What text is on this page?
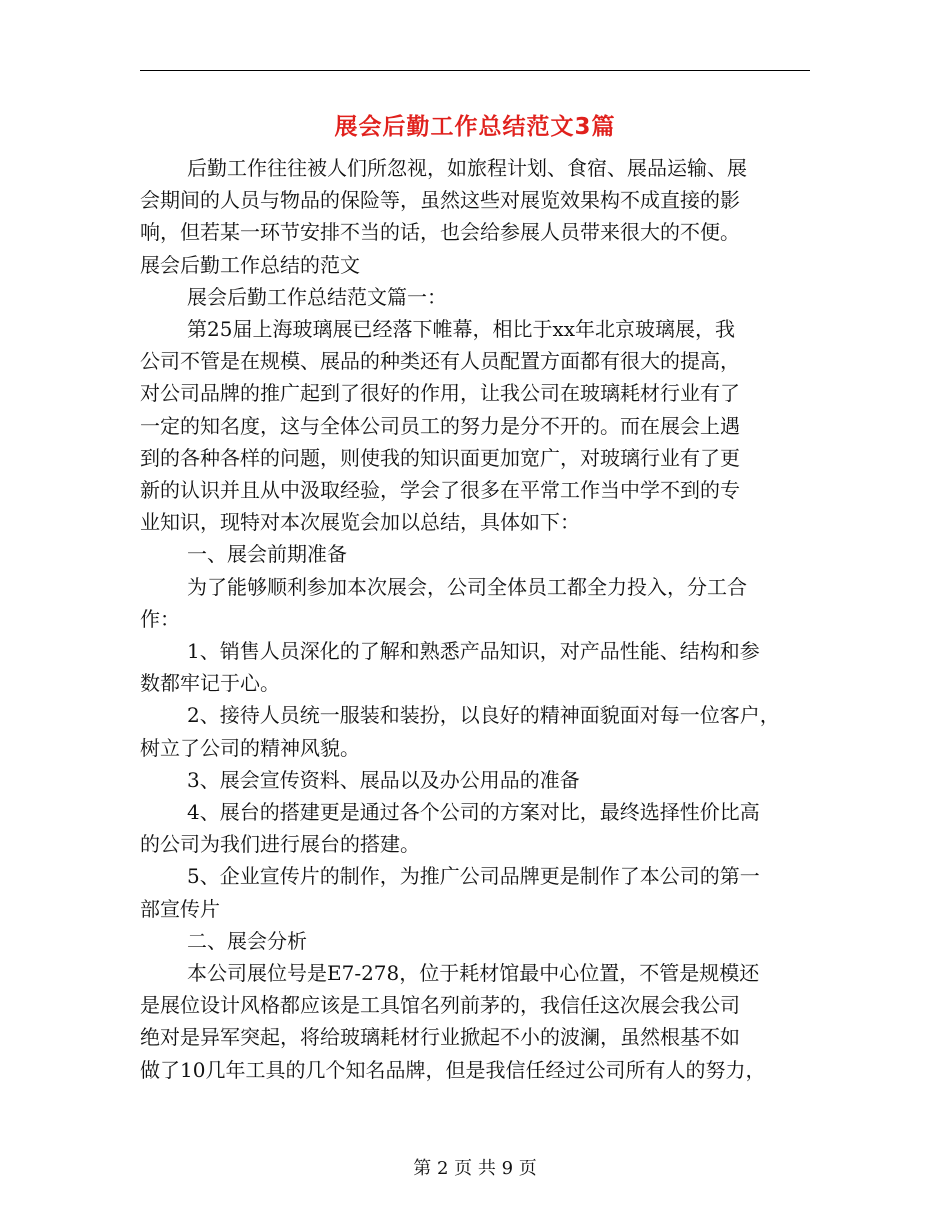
展会后勤工作总结范文3篇

后勤工作往往被人们所忽视，如旅程计划、食宿、展品运输、展

会期间的人员与物品的保险等，虽然这些对展览效果构不成直接的影

响，但若某一环节安排不当的话，也会给参展人员带来很大的不便。

展会后勤工作总结的范文

展会后勤工作总结范文篇一：

第25届上海玻璃展已经落下帷幕，相比于xx年北京玻璃展，我

公司不管是在规模、展品的种类还有人员配置方面都有很大的提高，

对公司品牌的推广起到了很好的作用，让我公司在玻璃耗材行业有了

一定的知名度，这与全体公司员工的努力是分不开的。而在展会上遇

到的各种各样的问题，则使我的知识面更加宽广，对玻璃行业有了更

新的认识并且从中汲取经验，学会了很多在平常工作当中学不到的专

业知识，现特对本次展览会加以总结，具体如下：

一、展会前期准备

为了能够顺利参加本次展会，公司全体员工都全力投入，分工合

作：

1、销售人员深化的了解和熟悉产品知识，对产品性能、结构和参

数都牢记于心。

2、接待人员统一服装和装扮，以良好的精神面貌面对每一位客户，

树立了公司的精神风貌。

3、展会宣传资料、展品以及办公用品的准备

4、展台的搭建更是通过各个公司的方案对比，最终选择性价比高

的公司为我们进行展台的搭建。

5、企业宣传片的制作，为推广公司品牌更是制作了本公司的第一

部宣传片

二、展会分析

本公司展位号是E7-278，位于耗材馆最中心位置，不管是规模还

是展位设计风格都应该是工具馆名列前茅的，我信任这次展会我公司

绝对是异军突起，将给玻璃耗材行业掀起不小的波澜，虽然根基不如

做了10几年工具的几个知名品牌，但是我信任经过公司所有人的努力，

第 2 页 共 9 页
